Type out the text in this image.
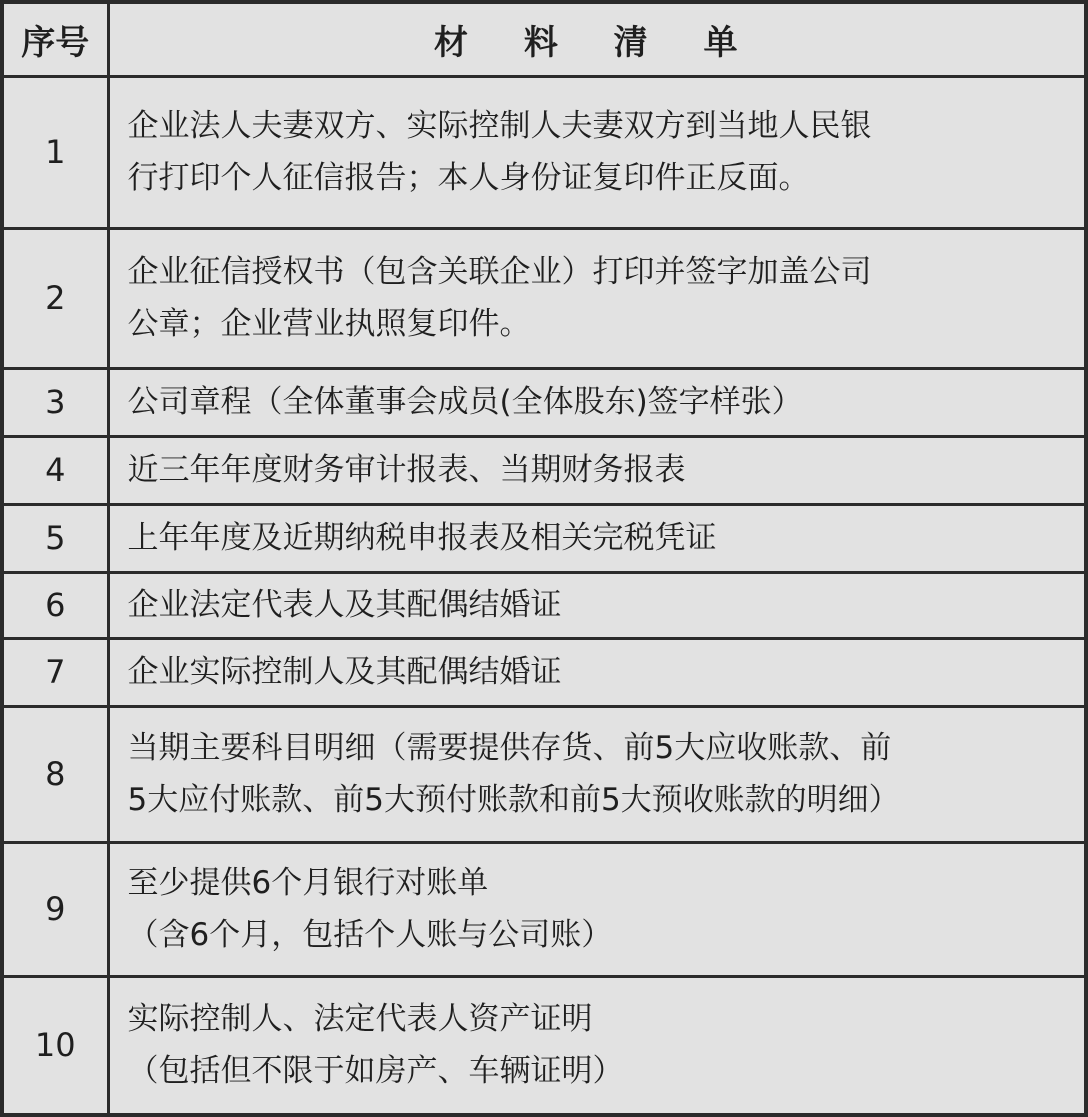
序号	材 料 清 单
1	企业法人夫妻双方、实际控制人夫妻双方到当地人民银
行打印个人征信报告；本人身份证复印件正反面。

2	企业征信授权书（包含关联企业）打印并签字加盖公司
公章；企业营业执照复印件。

3	公司章程（全体董事会成员(全体股东)签字样张）

4	近三年年度财务审计报表、当期财务报表

5	上年年度及近期纳税申报表及相关完税凭证

6	企业法定代表人及其配偶结婚证

7	企业实际控制人及其配偶结婚证

8	当期主要科目明细（需要提供存货、前5大应收账款、前
5大应付账款、前5大预付账款和前5大预收账款的明细）

9	至少提供6个月银行对账单
（含6个月，包括个人账与公司账）

10	实际控制人、法定代表人资产证明
（包括但不限于如房产、车辆证明）
